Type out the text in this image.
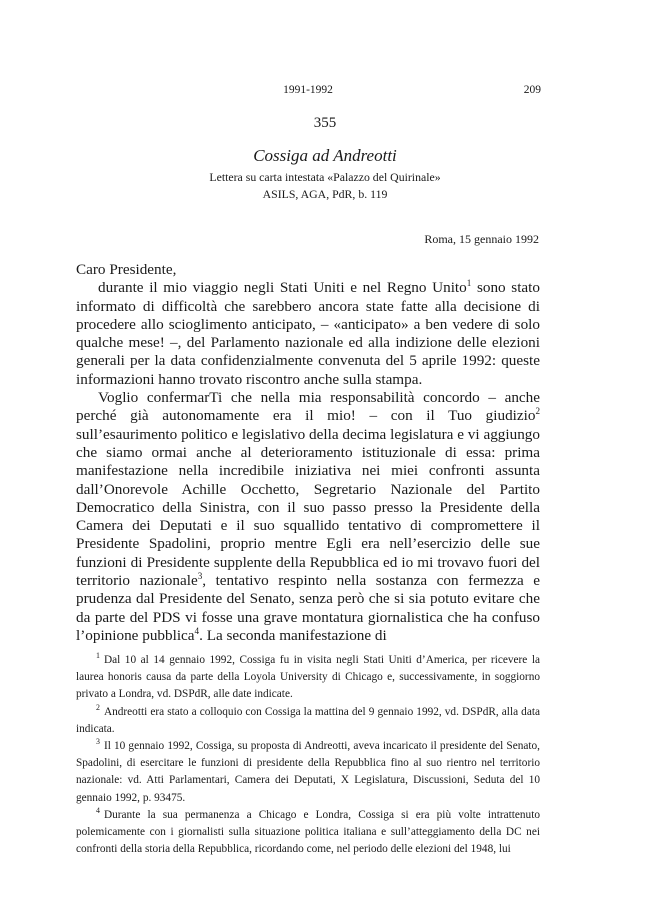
1991-1992	209
355
Cossiga ad Andreotti
Lettera su carta intestata «Palazzo del Quirinale»
ASILS, AGA, PdR, b. 119
Roma, 15 gennaio 1992

Caro Presidente,

durante il mio viaggio negli Stati Uniti e nel Regno Unito$^1$ sono stato informato di difficoltà che sarebbero ancora state fatte alla decisione di procedere allo scioglimento anticipato, – «anticipato» a ben vedere di solo qualche mese! –, del Parlamento nazionale ed alla indizione delle elezioni generali per la data confidenzialmente convenuta del 5 aprile 1992: queste informazioni hanno trovato riscontro anche sulla stampa.

Voglio confermarTi che nella mia responsabilità concordo – anche perché già autonomamente era il mio! – con il Tuo giudizio$^2$ sull’esaurimento politico e legislativo della decima legislatura e vi aggiungo che siamo ormai anche al deterioramento istituzionale di essa: prima manifestazione nella incredibile iniziativa nei miei confronti assunta dall’Onorevole Achille Occhetto, Segretario Nazionale del Partito Democratico della Sinistra, con il suo passo presso la Presidente della Camera dei Deputati e il suo squallido tentativo di compromettere il Presidente Spadolini, proprio mentre Egli era nell’esercizio delle sue funzioni di Presidente supplente della Repubblica ed io mi trovavo fuori del territorio nazionale$^3$, tentativo respinto nella sostanza con fermezza e prudenza dal Presidente del Senato, senza però che si sia potuto evitare che da parte del PDS vi fosse una grave montatura giornalistica che ha confuso l’opinione pubblica$^4$. La seconda manifestazione di

$^1$ Dal 10 al 14 gennaio 1992, Cossiga fu in visita negli Stati Uniti d’America, per ricevere la laurea honoris causa da parte della Loyola University di Chicago e, successivamente, in soggiorno privato a Londra, vd. DSPdR, alle date indicate.

$^2$ Andreotti era stato a colloquio con Cossiga la mattina del 9 gennaio 1992, vd. DSPdR, alla data indicata.

$^3$ Il 10 gennaio 1992, Cossiga, su proposta di Andreotti, aveva incaricato il presidente del Senato, Spadolini, di esercitare le funzioni di presidente della Repubblica fino al suo rientro nel territorio nazionale: vd. Atti Parlamentari, Camera dei Deputati, X Legislatura, Discussioni, Seduta del 10 gennaio 1992, p. 93475.

$^4$ Durante la sua permanenza a Chicago e Londra, Cossiga si era più volte intrattenuto polemicamente con i giornalisti sulla situazione politica italiana e sull’atteggiamento della DC nei confronti della storia della Repubblica, ricordando come, nel periodo delle elezioni del 1948, lui
